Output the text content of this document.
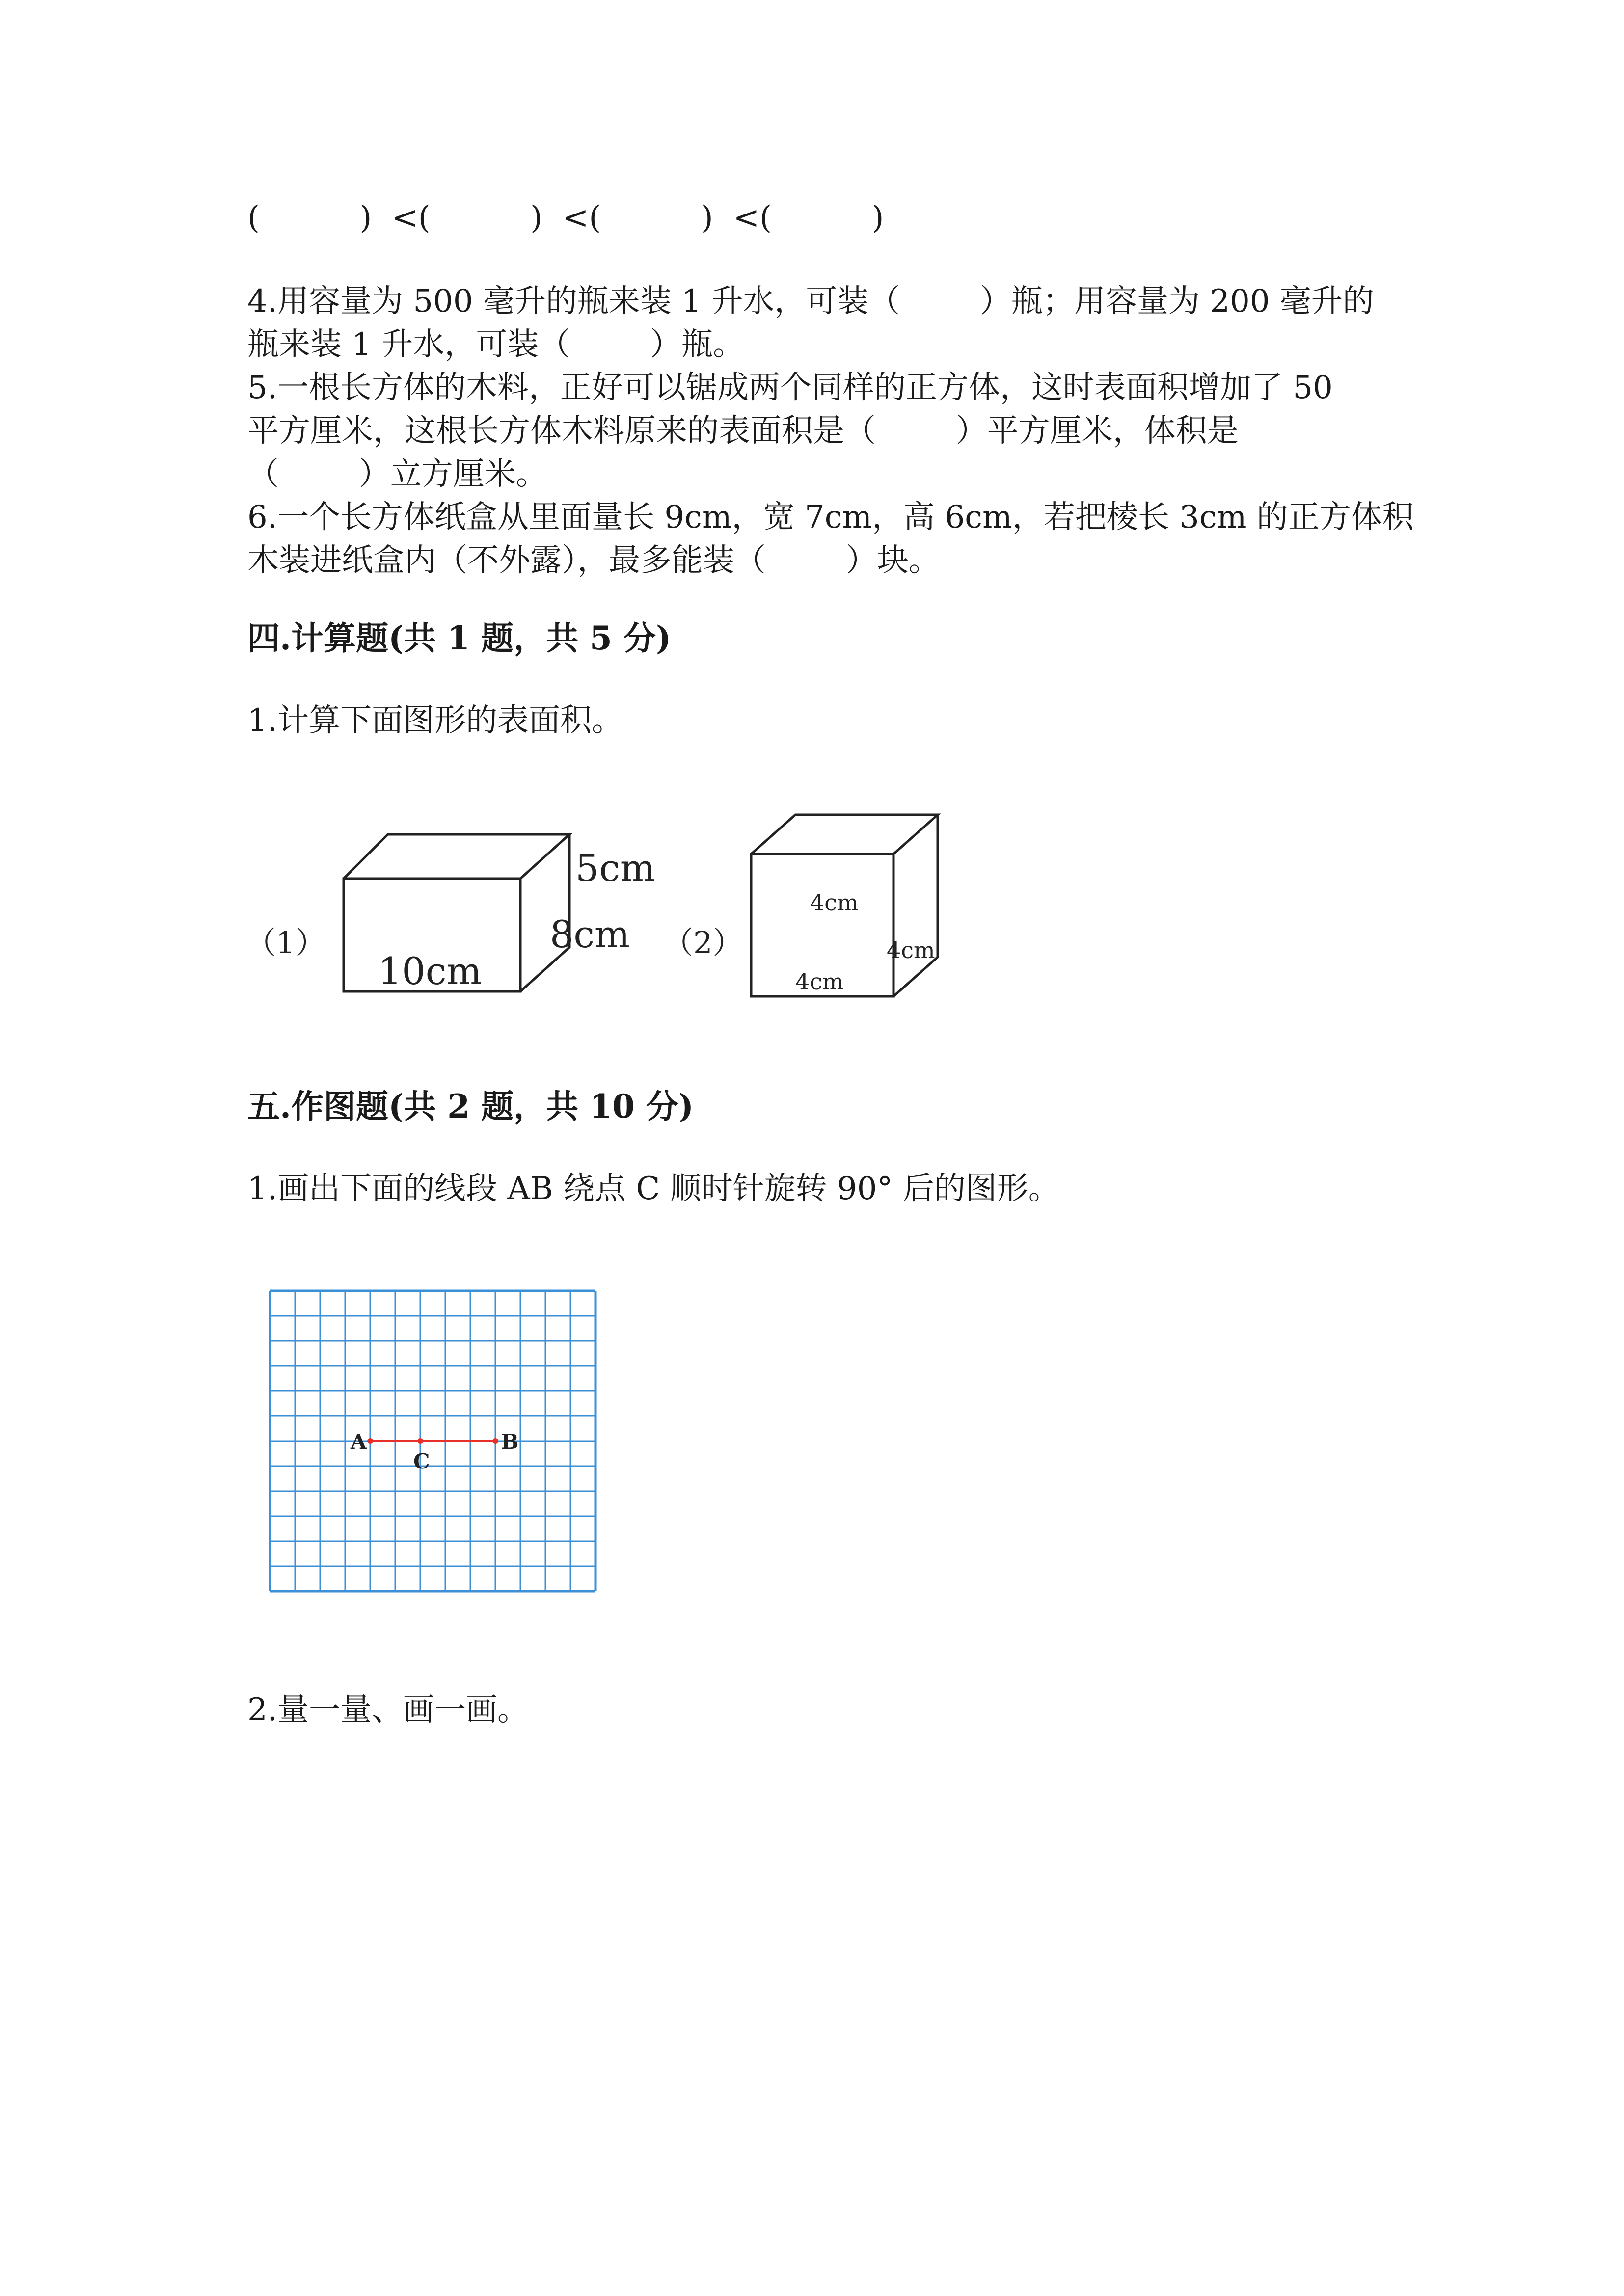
(          )  <(          )  <(          )  <(          )
4.用容量为 500 毫升的瓶来装 1 升水，可装（        ）瓶；用容量为 200 毫升的
瓶来装 1 升水，可装（        ）瓶。
5.一根长方体的木料，正好可以锯成两个同样的正方体，这时表面积增加了 50
平方厘米，这根长方体木料原来的表面积是（        ）平方厘米，体积是
（        ）立方厘米。
6.一个长方体纸盒从里面量长 9cm，宽 7cm，高 6cm，若把棱长 3cm 的正方体积
木装进纸盒内（不外露），最多能装（        ）块。
四.计算题(共 1 题，共 5 分)
1.计算下面图形的表面积。
（1）
5cm
8cm
10cm
（2）
4cm
4cm
4cm
五.作图题(共 2 题，共 10 分)
1.画出下面的线段 AB 绕点 C 顺时针旋转 90° 后的图形。
A
C
B
2.量一量、画一画。
